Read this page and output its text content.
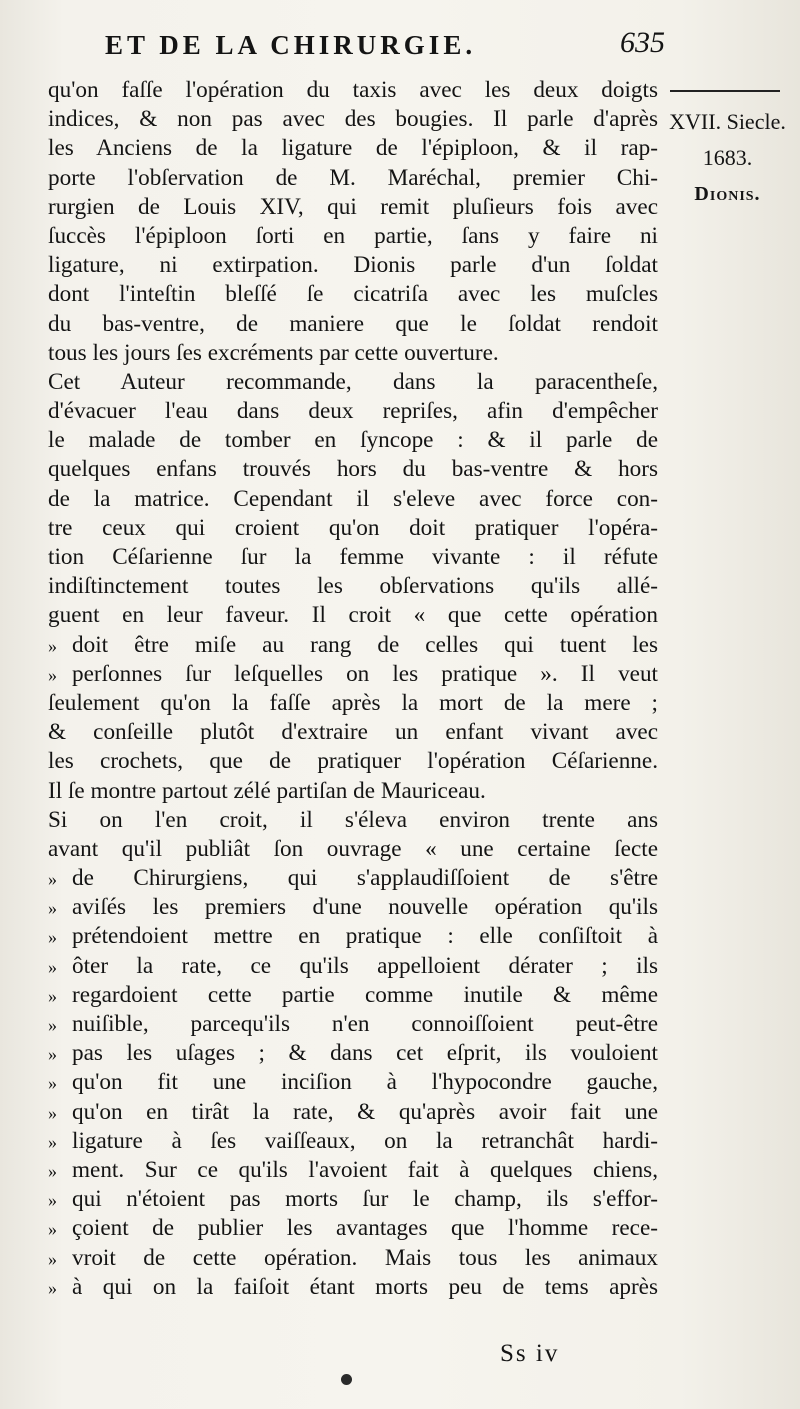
ET DE LA CHIRURGIE.	635
XVII. Siecle.
1683.
Dionis.
qu'on faſſe l'opération du taxis avec les deux doigts
indices, & non pas avec des bougies. Il parle d'après
les Anciens de la ligature de l'épiploon, & il rap-
porte l'obſervation de M. Maréchal, premier Chi-
rurgien de Louis XIV, qui remit pluſieurs fois avec
ſuccès l'épiploon ſorti en partie, ſans y faire ni
ligature, ni extirpation. Dionis parle d'un ſoldat
dont l'inteſtin bleſſé ſe cicatriſa avec les muſcles
du bas-ventre, de maniere que le ſoldat rendoit
tous les jours ſes excréments par cette ouverture.
Cet Auteur recommande, dans la paracentheſe,
d'évacuer l'eau dans deux repriſes, afin d'empêcher
le malade de tomber en ſyncope : & il parle de
quelques enfans trouvés hors du bas-ventre & hors
de la matrice. Cependant il s'eleve avec force con-
tre ceux qui croient qu'on doit pratiquer l'opéra-
tion Céſarienne ſur la femme vivante : il réfute
indiſtinctement toutes les obſervations qu'ils allé-
guent en leur faveur. Il croit « que cette opération
» doit être miſe au rang de celles qui tuent les
» perſonnes ſur leſquelles on les pratique ». Il veut
ſeulement qu'on la faſſe après la mort de la mere ;
& conſeille plutôt d'extraire un enfant vivant avec
les crochets, que de pratiquer l'opération Céſarienne.
Il ſe montre partout zélé partiſan de Mauriceau.
Si on l'en croit, il s'éleva environ trente ans
avant qu'il publiât ſon ouvrage « une certaine ſecte
» de Chirurgiens, qui s'applaudiſſoient de s'être
» aviſés les premiers d'une nouvelle opération qu'ils
» prétendoient mettre en pratique : elle conſiſtoit à
» ôter la rate, ce qu'ils appelloient dérater ; ils
» regardoient cette partie comme inutile & même
» nuiſible, parcequ'ils n'en connoiſſoient peut-être
» pas les uſages ; & dans cet eſprit, ils vouloient
» qu'on fit une inciſion à l'hypocondre gauche,
» qu'on en tirât la rate, & qu'après avoir fait une
» ligature à ſes vaiſſeaux, on la retranchât hardi-
» ment. Sur ce qu'ils l'avoient fait à quelques chiens,
» qui n'étoient pas morts ſur le champ, ils s'effor-
» çoient de publier les avantages que l'homme rece-
» vroit de cette opération. Mais tous les animaux
» à qui on la faiſoit étant morts peu de tems après
Ss iv
